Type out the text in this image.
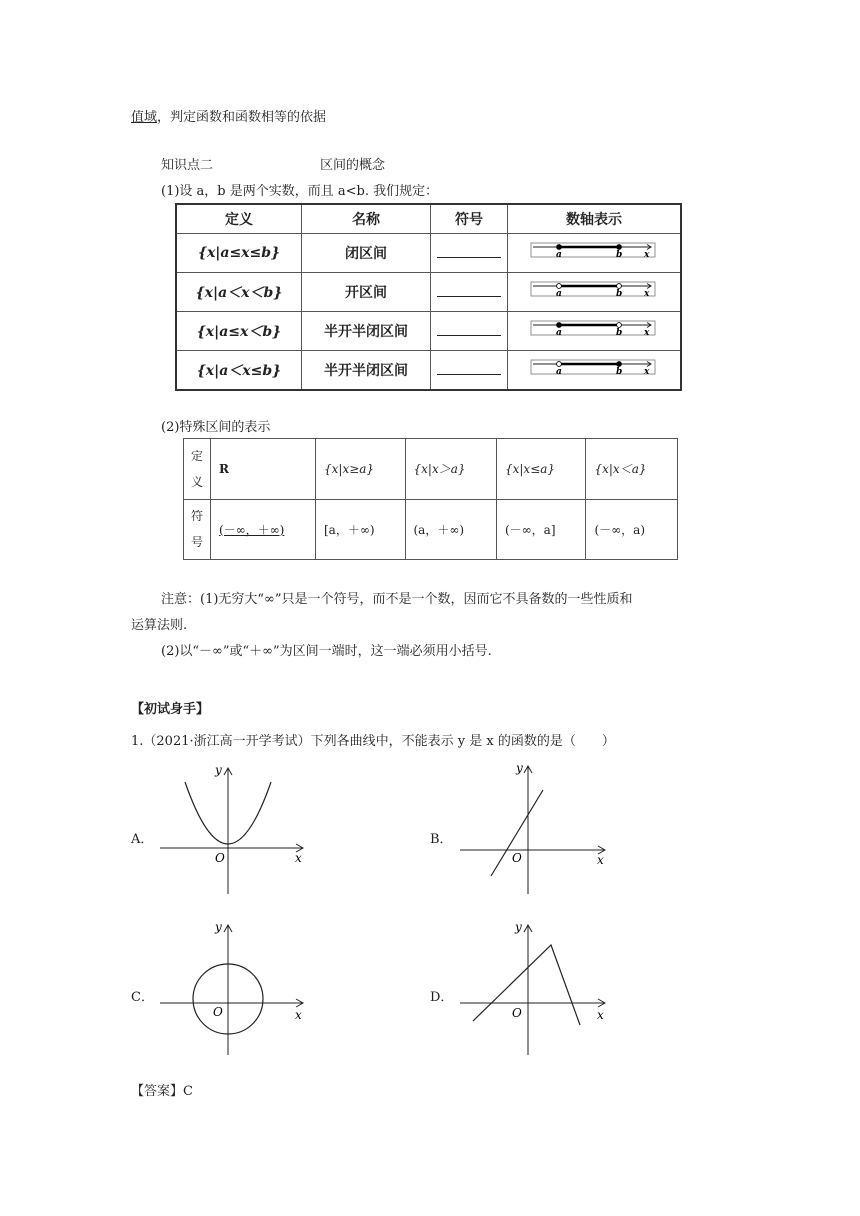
值域，判定函数和函数相等的依据
知识点二	区间的概念
(1)设 a，b 是两个实数，而且 a<b. 我们规定：
定义	名称	符号	数轴表示
{x|a≤x≤b}	闭区间		a b x

{x|a＜x＜b}	开区间		a b x

{x|a≤x＜b}	半开半闭区间		a b x

{x|a＜x≤b}	半开半闭区间		a b x
(2)特殊区间的表示
定
义	R	{x|x≥a}	{x|x＞a}	{x|x≤a}	{x|x＜a}
符
号	(－∞，＋∞)	[a，＋∞)	(a，＋∞)	(－∞，a]	(－∞，a)
注意：(1)无穷大“∞”只是一个符号，而不是一个数，因而它不具备数的一些性质和
运算法则.
(2)以“－∞”或“＋∞”为区间一端时，这一端必须用小括号.
【初试身手】
1.（2021·浙江高一开学考试）下列各曲线中，不能表示 y 是 x 的函数的是（　　）
A．	B．
C．	D．
y
x
O
y
x
O
y
x
O
y
x
O
【答案】C
